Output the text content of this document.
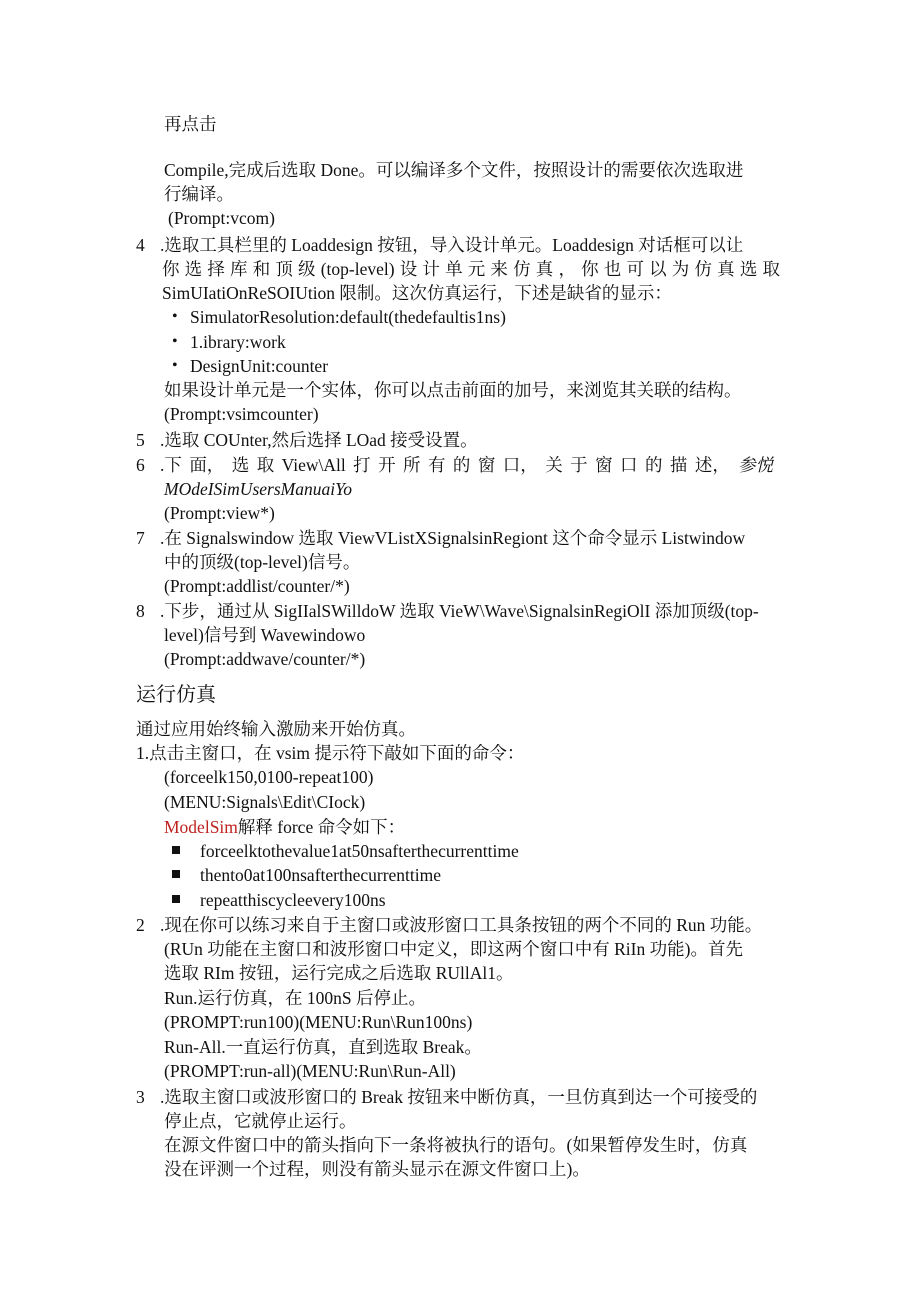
再点击
Compile,完成后选取 Done。可以编译多个文件，按照设计的需要依次选取进
行编译。
(Prompt:vcom)
4 .选取工具栏里的 Loaddesign 按钮，导入设计单元。Loaddesign 对话框可以让
你 选 择 库 和 顶 级 (top-level) 设 计 单 元 来 仿 真 ， 你 也 可 以 为 仿 真 选 取
SimUIatiOnReSOIUtion 限制。这次仿真运行，下述是缺省的显示：
• SimulatorResolution:default(thedefaultis1ns)
• 1.ibrary:work
• DesignUnit:counter
如果设计单元是一个实体，你可以点击前面的加号，来浏览其关联的结构。
(Prompt:vsimcounter)
5 .选取 COUnter,然后选择 LOad 接受设置。
6 .下 面， 选 取 View\All 打 开 所 有 的 窗 口， 关 于 窗 口 的 描 述， 参悦
MOdeISimUsersManuaiYo
(Prompt:view*)
7 .在 Signalswindow 选取 ViewVListXSignalsinRegiont 这个命令显示 Listwindow
中的顶级(top-level)信号。
(Prompt:addlist/counter/*)
8 .下步，通过从 SigIIalSWilldoW 选取 VieW\Wave\SignalsinRegiOlI 添加顶级(top-
level)信号到 Wavewindowo
(Prompt:addwave/counter/*)
运行仿真
通过应用始终输入激励来开始仿真。
1.点击主窗口，在 vsim 提示符下敲如下面的命令：
(forceelk150,0100-repeat100)
(MENU:Signals\Edit\CIock)
ModelSim解释 force 命令如下：
forceelktothevalue1at50nsafterthecurrenttime
thento0at100nsafterthecurrenttime
repeatthiscycleevery100ns
2 .现在你可以练习来自于主窗口或波形窗口工具条按钮的两个不同的 Run 功能。
(RUn 功能在主窗口和波形窗口中定义，即这两个窗口中有 RiIn 功能)。首先
选取 RIm 按钮，运行完成之后选取 RUllAl1。
Run.运行仿真，在 100nS 后停止。
(PROMPT:run100)(MENU:Run\Run100ns)
Run-All.一直运行仿真，直到选取 Break。
(PROMPT:run-all)(MENU:Run\Run-All)
3 .选取主窗口或波形窗口的 Break 按钮来中断仿真，一旦仿真到达一个可接受的
停止点，它就停止运行。
在源文件窗口中的箭头指向下一条将被执行的语句。(如果暂停发生时，仿真
没在评测一个过程，则没有箭头显示在源文件窗口上)。
